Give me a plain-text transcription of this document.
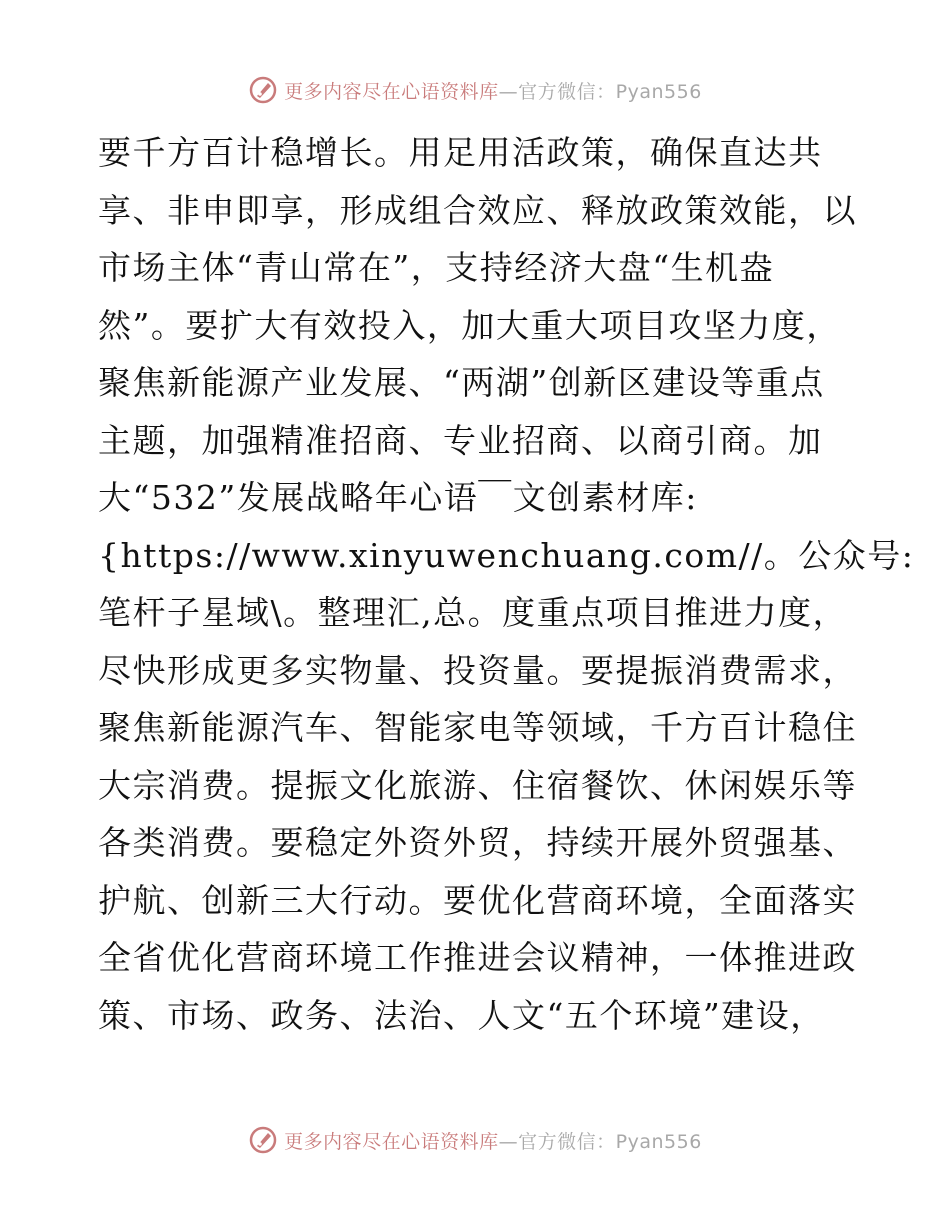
更多内容尽在心语资料库—官方微信：Pyan556
要千方百计稳增长。用足用活政策，确保直达共
享、非申即享，形成组合效应、释放政策效能，以
市场主体“青山常在”，支持经济大盘“生机盎
然”。要扩大有效投入，加大重大项目攻坚力度，
聚焦新能源产业发展、“两湖”创新区建设等重点
主题，加强精准招商、专业招商、以商引商。加
大“532”发展战略年心语￣文创素材库:
{https://www.xinyuwenchuang.com//。公众号:
笔杆子星域\。整理汇,总。度重点项目推进力度，
尽快形成更多实物量、投资量。要提振消费需求，
聚焦新能源汽车、智能家电等领域，千方百计稳住
大宗消费。提振文化旅游、住宿餐饮、休闲娱乐等
各类消费。要稳定外资外贸，持续开展外贸强基、
护航、创新三大行动。要优化营商环境，全面落实
全省优化营商环境工作推进会议精神，一体推进政
策、市场、政务、法治、人文“五个环境”建设，
更多内容尽在心语资料库—官方微信：Pyan556
